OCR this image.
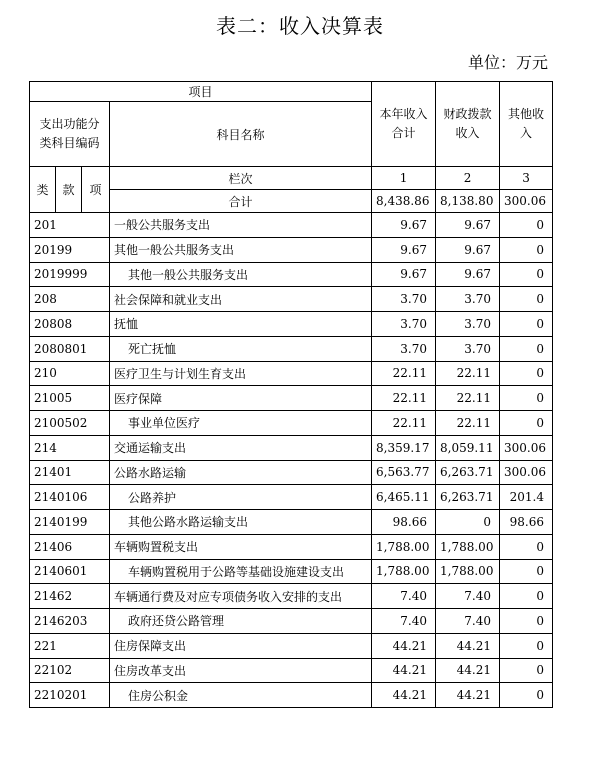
表二：收入决算表
单位：万元
项目				本年收入合计	财政拨款收入	其他收入
支出功能分类科目编码			科目名称			

类	款	项	栏次	1	2	3
			合计	8,438.86	8,138.80	300.06
201			一般公共服务支出	9.67	9.67	0
20199			其他一般公共服务支出	9.67	9.67	0
2019999			其他一般公共服务支出	9.67	9.67	0
208			社会保障和就业支出	3.70	3.70	0
20808			抚恤	3.70	3.70	0
2080801			死亡抚恤	3.70	3.70	0
210			医疗卫生与计划生育支出	22.11	22.11	0
21005			医疗保障	22.11	22.11	0
2100502			事业单位医疗	22.11	22.11	0
214			交通运输支出	8,359.17	8,059.11	300.06
21401			公路水路运输	6,563.77	6,263.71	300.06
2140106			公路养护	6,465.11	6,263.71	201.4
2140199			其他公路水路运输支出	98.66	0	98.66
21406			车辆购置税支出	1,788.00	1,788.00	0
2140601			车辆购置税用于公路等基础设施建设支出	1,788.00	1,788.00	0
21462			车辆通行费及对应专项债务收入安排的支出	7.40	7.40	0
2146203			政府还贷公路管理	7.40	7.40	0
221			住房保障支出	44.21	44.21	0
22102			住房改革支出	44.21	44.21	0
2210201			住房公积金	44.21	44.21	0
